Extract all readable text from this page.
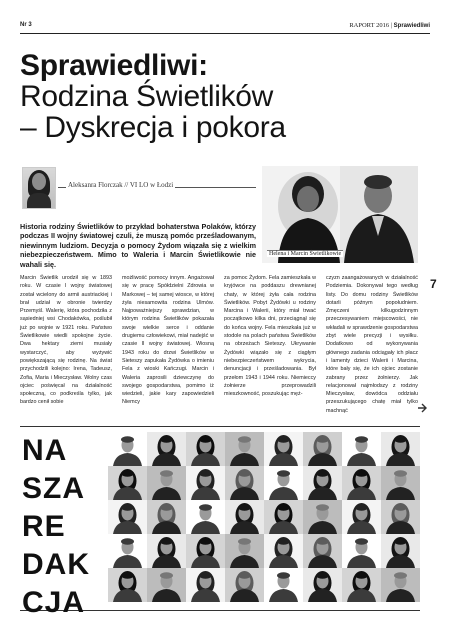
Nr 3	RAPORT 2016 | Sprawiedliwi
Sprawiedliwi:
Rodzina Świetlików
– Dyskrecja i pokora
Aleksanra Florczak // VI LO w Łodzi
Historia rodziny Świetlików to przykład bohaterstwa Polaków, którzy podczas II wojny światowej czuli, że muszą pomóc prześladowanym, niewinnym ludziom. Decyzja o pomocy Żydom wiązała się z wielkim niebezpieczeństwem. Mimo to Waleria i Marcin Świetlikowie nie wahali się.
Helena i Marcin Świetlikowie
Marcin Świetlik urodził się w 1893 roku. W czasie I wojny światowej został wcielony do armii austriackiej i brał udział w obronie twierdzy Przemyśl. Walerię, która pochodziła z sąsiedniej wsi Chodakówka, poślubił już po wojnie w 1921 roku. Państwo Świetlikowie wiedli spokojne życie. Dwa hektary ziemi musiały wystarczyć, aby wyżywić powiększającą się rodzinę. Na świat przychodzili kolejno: Irena, Tadeusz, Zofia, Maria i Mieczysław. Wolny czas ojciec poświęcał na działalność społeczną, co podkreśla tylko, jak bardzo cenił sobie
możliwość pomocy innym. Angażował się w pracę Spółdzielni Zdrowia w Markowej – tej samej wiosce, w której żyła niesamowita rodzina Ulmów. Najpoważniejszy sprawdzian, w którym rodzina Świetlików pokazała swoje wielkie serce i oddanie drugiemu człowiekowi, miał nadejść w czasie II wojny światowej. Wiosną 1943 roku do drzwi Świetlików w Sieteszy zapukała Żydówka o imieniu Fela z wioski Kańczugi. Marcin i Waleria zaprosili dziewczynę do swojego gospodarstwa, pomimo iż wiedzieli, jakie kary zapowiedzieli Niemcy
za pomoc Żydom. Fela zamieszkała w kryjówce na poddaszu drewnianej chaty, w której żyła cała rodzina Świetlików. Pobyt Żydówki u rodziny Marcina i Walerii, który miał trwać początkowo kilka dni, przeciągnął się do końca wojny. Fela mieszkała już w stodole na polach państwa Świetlików na obrzeżach Sieteszy. Ukrywanie Żydówki wiązało się z ciągłym niebezpieczeństwem wykrycia, denuncjacji i prześladowania. Był przełom 1943 i 1944 roku. Niemieccy żołnierze przeprowadzili mieszkowność, poszukując męż-
czyzn zaangażowanych w działalność Podziemia. Dokonywał tego według listy. Do domu rodziny Świetlików dotarli późnym popołudniem. Zmęczeni kilkugodzinnym przeczesywaniem miejscowości, nie wkładali w sprawdzenie gospodarstwa zbyt wiele precyzji i wysiłku. Dodatkowo od wykonywania głównego zadania odciągały ich płacz i lamenty dzieci Walerii i Marcina, które bały się, że ich ojciec zostanie zabrany przez żołnierzy. Jak relacjonował najmłodszy z rodziny Mieczysław, dowódca oddziału przeszukującego chatę miał tylko machnąć
7
NA
SZA
RE
DAK
CJA
